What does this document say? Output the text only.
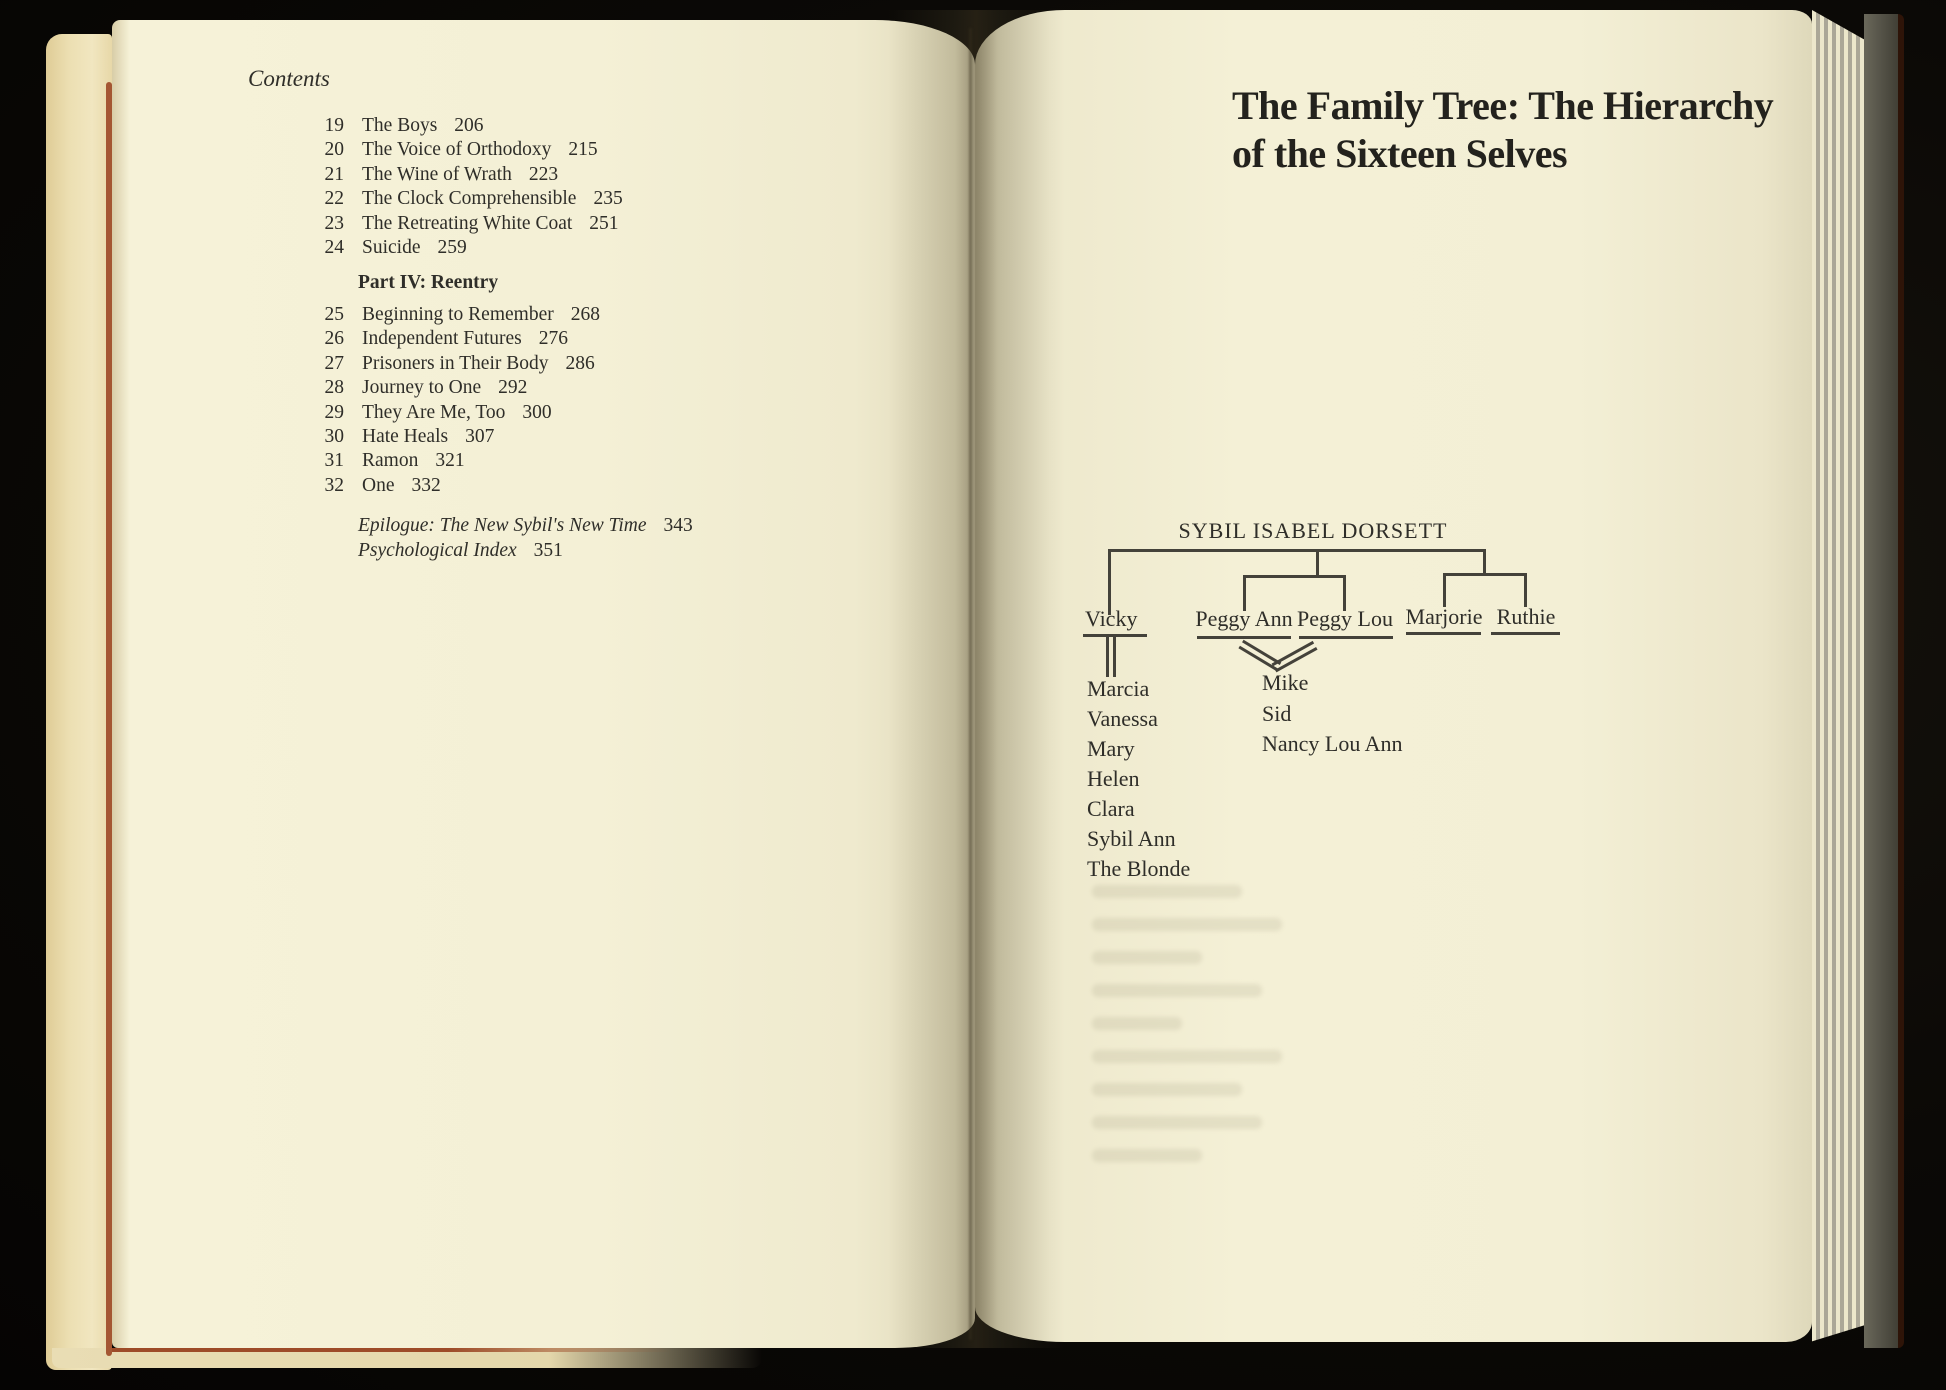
Contents
19 The Boys 206
20 The Voice of Orthodoxy 215
21 The Wine of Wrath 223
22 The Clock Comprehensible 235
23 The Retreating White Coat 251
24 Suicide 259
Part IV: Reentry
25 Beginning to Remember 268
26 Independent Futures 276
27 Prisoners in Their Body 286
28 Journey to One 292
29 They Are Me, Too 300
30 Hate Heals 307
31 Ramon 321
32 One 332
Epilogue: The New Sybil's New Time 343
Psychological Index 351
The Family Tree: The Hierarchy
of the Sixteen Selves
SYBIL ISABEL DORSETT
Vicky	Peggy Ann Peggy Lou Marjorie Ruthie
Marcia
Vanessa
Mary
Helen
Clara
Sybil Ann
The Blonde
Mike
Sid
Nancy Lou Ann
